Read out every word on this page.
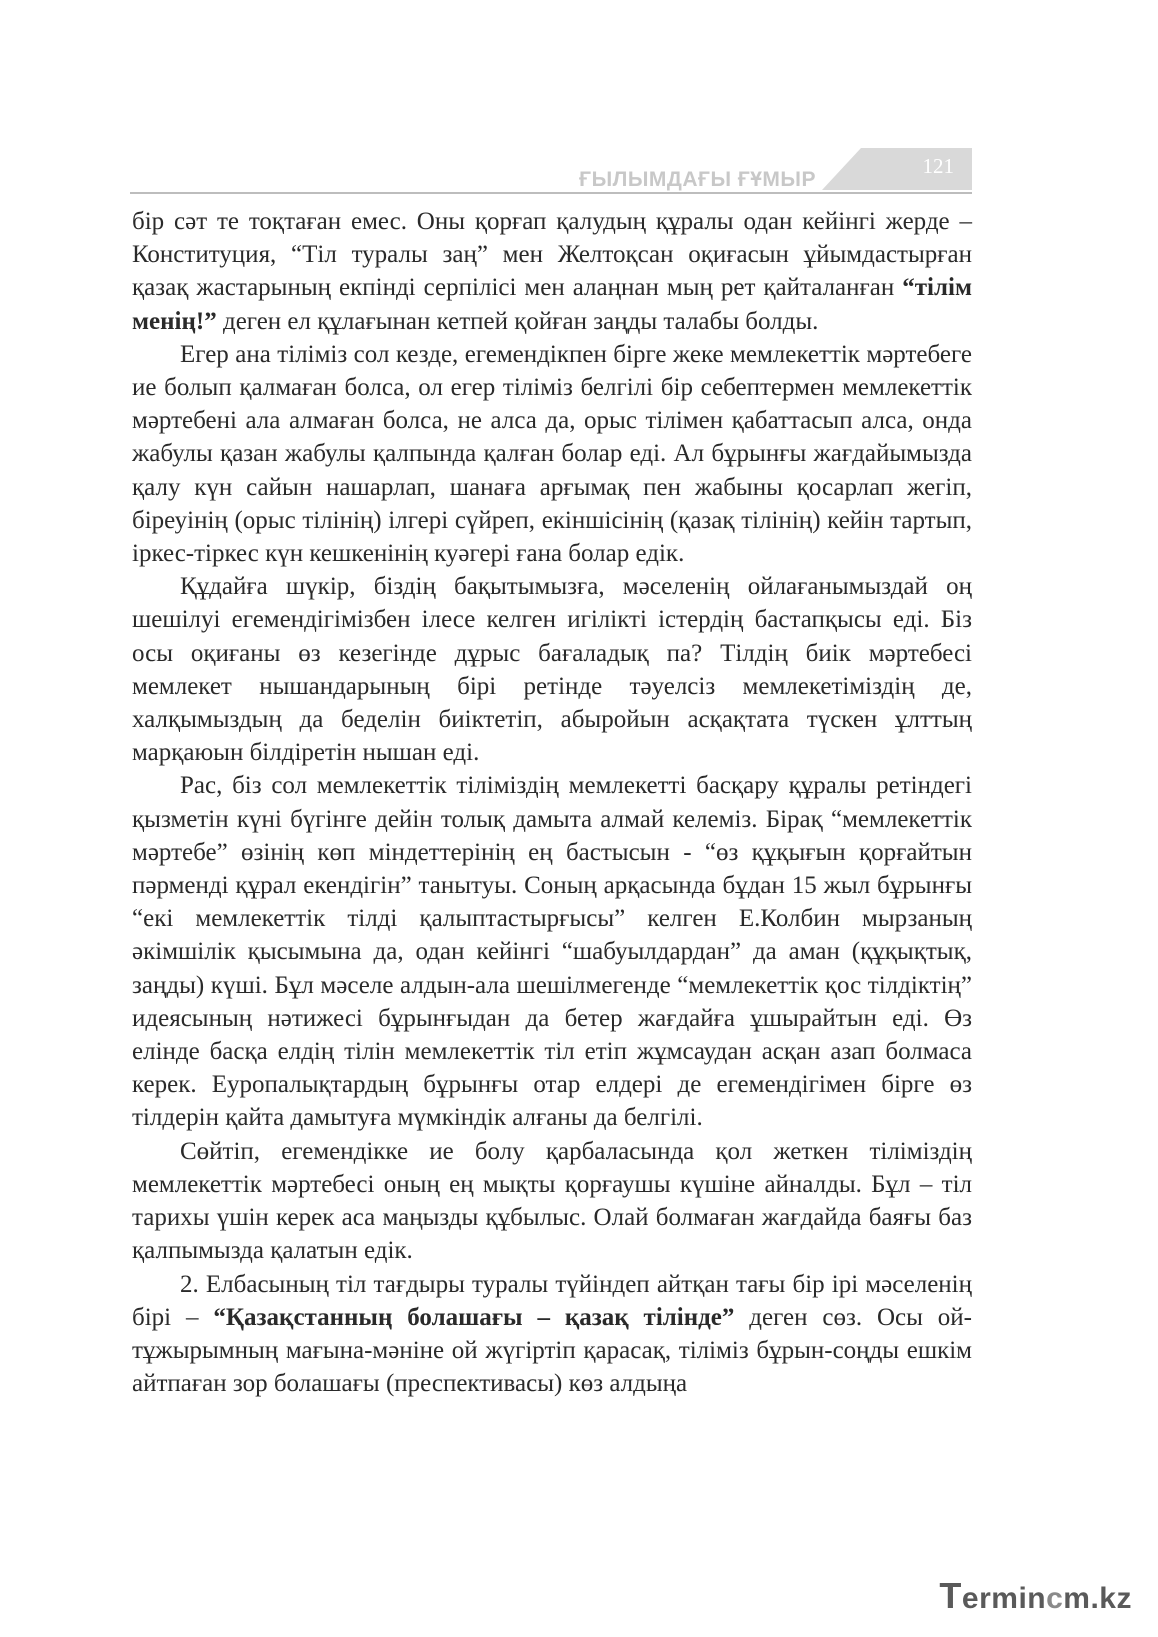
ҒЫЛЫМДАҒЫ ҒҰМЫР
121

бір сәт те тоқтаған емес. Оны қорғап қалудың құралы одан кейінгі жерде –Конституция, “Тіл туралы заң” мен Желтоқсан оқиғасын ұйымдастырған қазақ жастарының екпінді серпілісі мен алаңнан мың рет қайталанған “тілім менің!” деген ел құлағынан кетпей қойған заңды талабы болды.

Егер ана тіліміз сол кезде, егемендікпен бірге жеке мемлекеттік мәртебеге ие болып қалмаған болса, ол егер тіліміз белгілі бір себептермен мемлекеттік мәртебені ала алмаған болса, не алса да, орыс тілімен қабаттасып алса, онда жабулы қазан жабулы қалпында қалған болар еді. Ал бұрынғы жағдайымызда қалу күн сайын нашарлап, шанаға арғымақ пен жабыны қосарлап жегіп, біреуінің (орыс тілінің) ілгері сүйреп, екіншісінің (қазақ тілінің) кейін тартып, іркес-тіркес күн кешкенінің куәгері ғана болар едік.

Құдайға шүкір, біздің бақытымызға, мәселенің ойлағанымыздай оң шешілуі егемендігімізбен ілесе келген игілікті істердің бастапқысы еді. Біз осы оқиғаны өз кезегінде дұрыс бағаладық па? Тілдің биік мәртебесі мемлекет нышандарының бірі ретінде тәуелсіз мемлекетіміздің де, халқымыздың да беделін биіктетіп, абыройын асқақтата түскен ұлттың марқаюын білдіретін нышан еді.

Рас, біз сол мемлекеттік тіліміздің мемлекетті басқару құралы ретіндегі қызметін күні бүгінге дейін толық дамыта алмай келеміз. Бірақ “мемлекеттік мәртебе” өзінің көп міндеттерінің ең бастысын - “өз құқығын қорғайтын пәрменді құрал екендігін” танытуы. Соның арқасында бұдан 15 жыл бұрынғы “екі мемлекеттік тілді қалыптастырғысы” келген Е.Колбин мырзаның әкімшілік қысымына да, одан кейінгі “шабуылдардан” да аман (құқықтық, заңды) күші. Бұл мәселе алдын-ала шешілмегенде “мемлекеттік қос тілдіктің” идеясының нәтижесі бұрынғыдан да бетер жағдайға ұшырайтын еді. Өз елінде басқа елдің тілін мемлекеттік тіл етіп жұмсаудан асқан азап болмаса керек. Еуропалықтардың бұрынғы отар елдері де егемендігімен бірге өз тілдерін қайта дамытуға мүмкіндік алғаны да белгілі.

Сөйтіп, егемендікке ие болу қарбаласында қол жеткен тіліміздің мемлекеттік мәртебесі оның ең мықты қорғаушы күшіне айналды. Бұл – тіл тарихы үшін керек аса маңызды құбылыс. Олай болмаған жағдайда баяғы баз қалпымызда қалатын едік.

2. Елбасының тіл тағдыры туралы түйіндеп айтқан тағы бір ірі мәселенің бірі – “Қазақстанның болашағы – қазақ тілінде” деген сөз. Осы ой-тұжырымның мағына-мәніне ой жүгіртіп қарасақ, тіліміз бұрын-соңды ешкім айтпаған зор болашағы (преспективасы) көз алдыңа

Termincm.kz
